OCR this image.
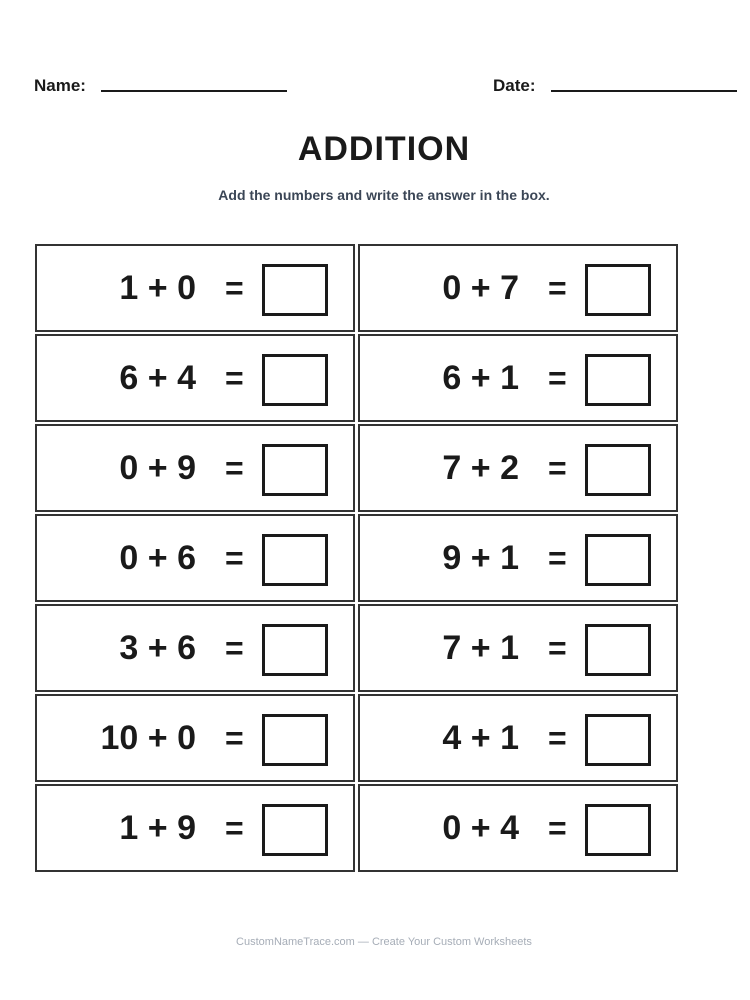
Name:	Date:
ADDITION
Add the numbers and write the answer in the box.
1 + 0 =	0 + 7 =
6 + 4 =	6 + 1 =
0 + 9 =	7 + 2 =
0 + 6 =	9 + 1 =
3 + 6 =	7 + 1 =
10 + 0 =	4 + 1 =
1 + 9 =	0 + 4 =
CustomNameTrace.com — Create Your Custom Worksheets
